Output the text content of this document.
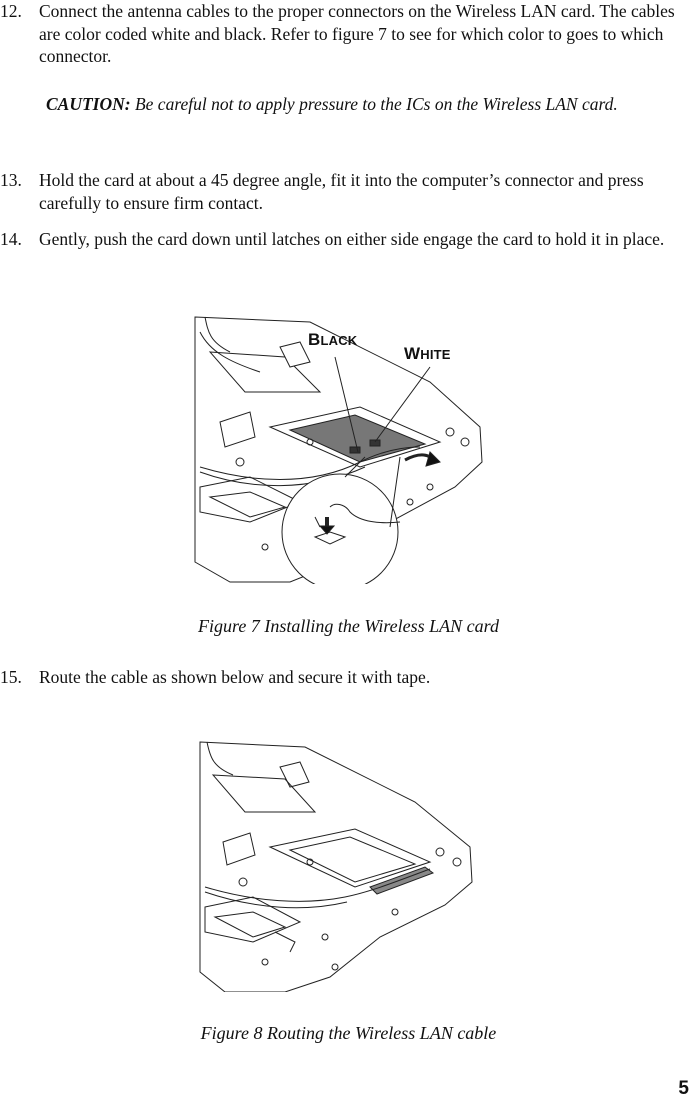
12. Connect the antenna cables to the proper connectors on the Wireless LAN card. The cables are color coded white and black. Refer to figure 7 to see for which color to goes to which connector.
CAUTION: Be careful not to apply pressure to the ICs on the Wireless LAN card.
13. Hold the card at about a 45 degree angle, fit it into the computer’s connector and press carefully to ensure firm contact.
14. Gently, push the card down until latches on either side engage the card to hold it in place.
BLACK
WHITE
Figure 7 Installing the Wireless LAN card
15. Route the cable as shown below and secure it with tape.
Figure 8 Routing the Wireless LAN cable
5
